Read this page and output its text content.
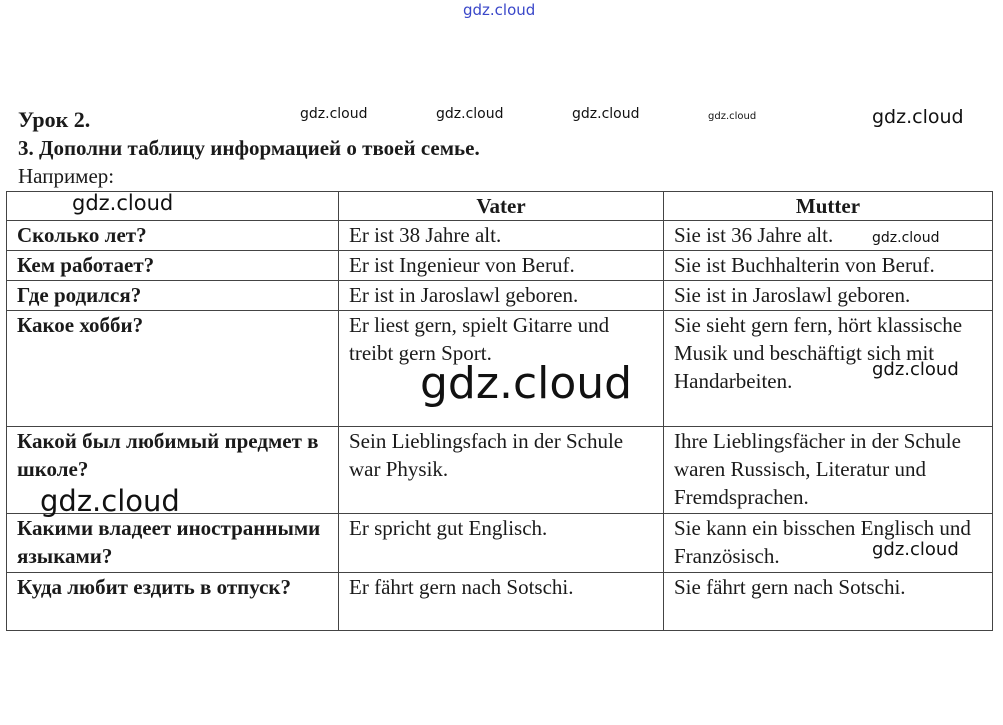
Урок 2.
3. Дополни таблицу информацией о твоей семье.
Например:
	Vater	Mutter
Сколько лет?	Er ist 38 Jahre alt.	Sie ist 36 Jahre alt.
Кем работает?	Er ist Ingenieur von Beruf.	Sie ist Buchhalterin von Beruf.
Где родился?	Er ist in Jaroslawl geboren.	Sie ist in Jaroslawl geboren.
Какое хобби?	Er liest gern, spielt Gitarre und treibt gern Sport.	Sie sieht gern fern, hört klassische Musik und beschäftigt sich mit Handarbeiten.
Какой был любимый предмет в школе?	Sein Lieblingsfach in der Schule war Physik.	Ihre Lieblingsfächer in der Schule waren Russisch, Literatur und Fremdsprachen.
Какими владеет иностранными языками?	Er spricht gut Englisch.	Sie kann ein bisschen Englisch und Französisch.
Куда любит ездить в отпуск?	Er fährt gern nach Sotschi.	Sie fährt gern nach Sotschi.
gdz.cloud
gdz.cloud	gdz.cloud	gdz.cloud	gdz.cloud	gdz.cloud
gdz.cloud
gdz.cloud
gdz.cloud	gdz.cloud
gdz.cloud
gdz.cloud
